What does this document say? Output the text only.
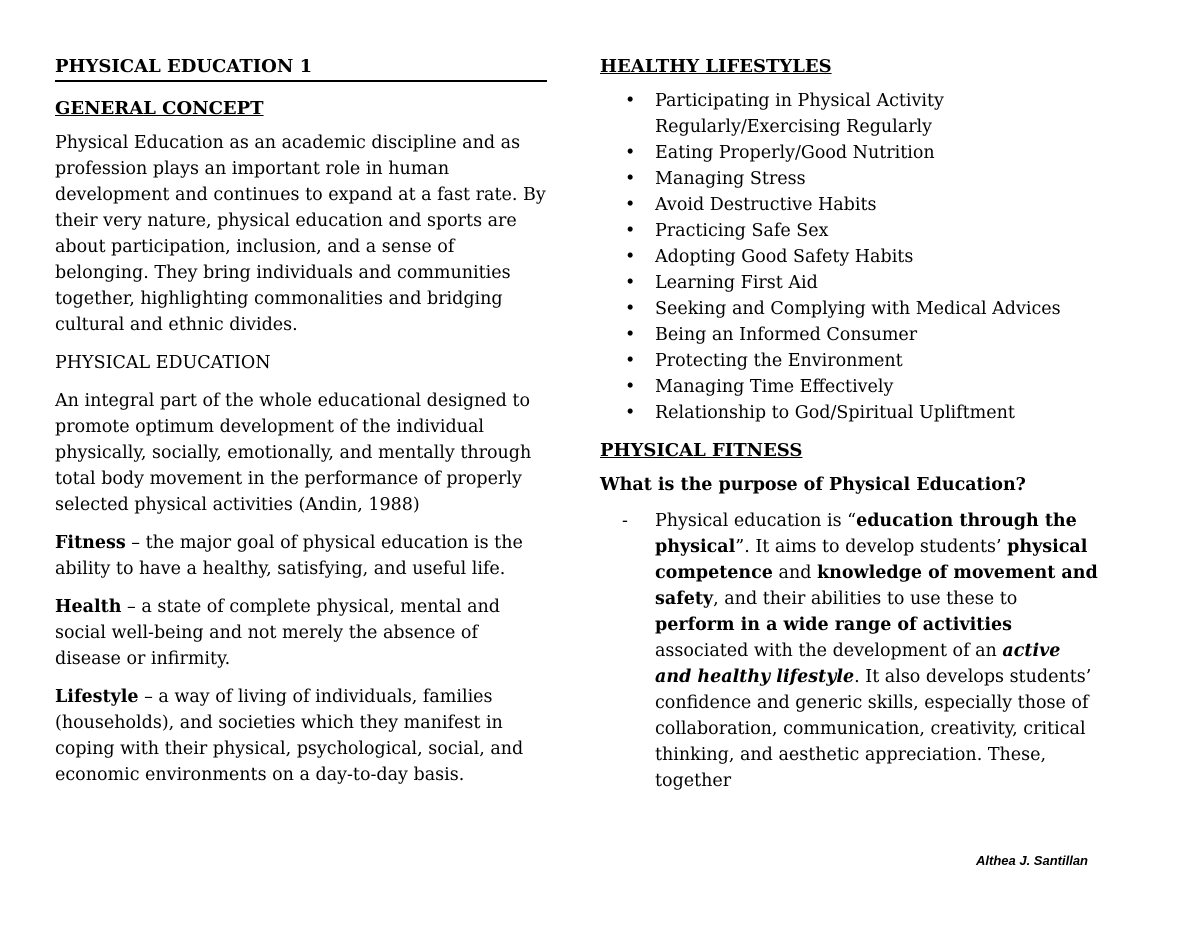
PHYSICAL EDUCATION 1
GENERAL CONCEPT

Physical Education as an academic discipline and as profession plays an important role in human development and continues to expand at a fast rate. By their very nature, physical education and sports are about participation, inclusion, and a sense of belonging. They bring individuals and communities together, highlighting commonalities and bridging cultural and ethnic divides.

PHYSICAL EDUCATION

An integral part of the whole educational designed to promote optimum development of the individual physically, socially, emotionally, and mentally through total body movement in the performance of properly selected physical activities (Andin, 1988)

Fitness – the major goal of physical education is the ability to have a healthy, satisfying, and useful life.

Health – a state of complete physical, mental and social well-being and not merely the absence of disease or infirmity.

Lifestyle – a way of living of individuals, families (households), and societies which they manifest in coping with their physical, psychological, social, and economic environments on a day-to-day basis.

HEALTHY LIFESTYLES
• Participating in Physical Activity Regularly/Exercising Regularly
• Eating Properly/Good Nutrition
• Managing Stress
• Avoid Destructive Habits
• Practicing Safe Sex
• Adopting Good Safety Habits
• Learning First Aid
• Seeking and Complying with Medical Advices
• Being an Informed Consumer
• Protecting the Environment
• Managing Time Effectively
• Relationship to God/Spiritual Upliftment
PHYSICAL FITNESS

What is the purpose of Physical Education?

- Physical education is “education through the physical”. It aims to develop students’ physical competence and knowledge of movement and safety, and their abilities to use these to perform in a wide range of activities associated with the development of an active and healthy lifestyle. It also develops students’ confidence and generic skills, especially those of collaboration, communication, creativity, critical thinking, and aesthetic appreciation. These, together
Althea J. Santillan
